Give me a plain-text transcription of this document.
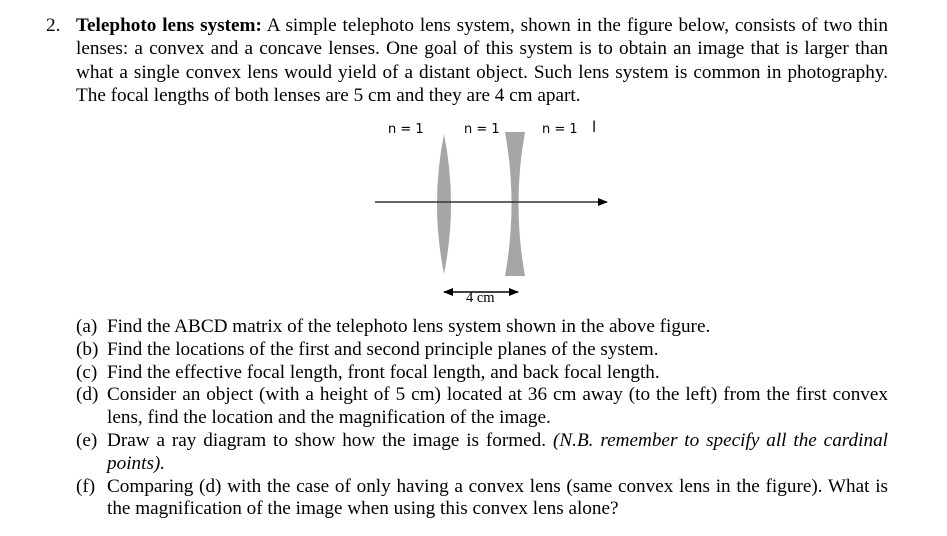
2. Telephoto lens system: A simple telephoto lens system, shown in the figure below, consists of two thin lenses: a convex and a concave lenses. One goal of this system is to obtain an image that is larger than what a single convex lens would yield of a distant object. Such lens system is common in photography. The focal lengths of both lenses are 5 cm and they are 4 cm apart.
n = 1	n = 1	n = 1 l
4 cm
(a) Find the ABCD matrix of the telephoto lens system shown in the above figure.
(b) Find the locations of the first and second principle planes of the system.
(c) Find the effective focal length, front focal length, and back focal length.
(d) Consider an object (with a height of 5 cm) located at 36 cm away (to the left) from the first convex lens, find the location and the magnification of the image.
(e) Draw a ray diagram to show how the image is formed. (N.B. remember to specify all the cardinal points).
(f) Comparing (d) with the case of only having a convex lens (same convex lens in the figure). What is the magnification of the image when using this convex lens alone?
